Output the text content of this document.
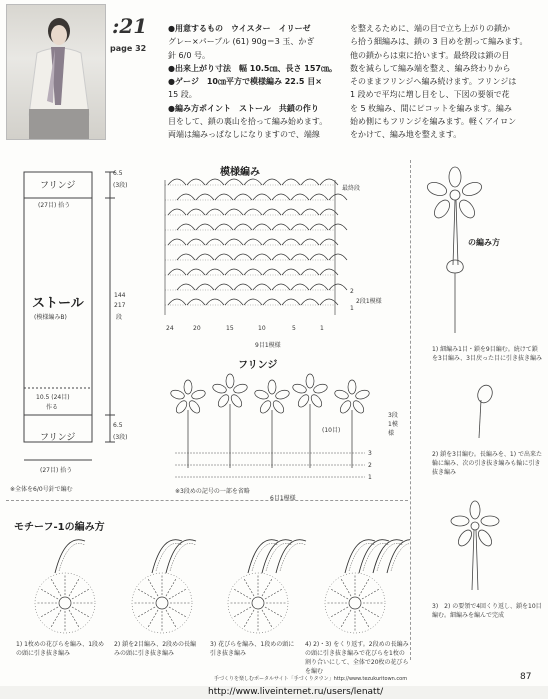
:21
page 32

●用意するもの　ウイスター　イリーゼ

グレー×パープル (61) 90g＝3 玉、かぎ

針 6/0 号。

●出来上がり寸法　幅 10.5㎝、長さ 157㎝。

●ゲージ　10㎝平方で模様編み 22.5 目×

15 段。

●編み方ポイント　ストール　共鎖の作り

目をして、鎖の裏山を拾って編み始めます。

両端は編みっぱなしになりますので、端線

を整えるために、端の目で立ち上がりの鎖か

ら拾う細編みは、鎖の 3 目めを割って編みます。

他の鎖からは束に拾います。最終段は鎖の目

数を減らして編み端を整え、編み終わりから

そのままフリンジへ編み続けます。フリンジは

1 段めで平均に増し目をし、下図の要領で花

を 5 枚編み、間にピコットを編みます。編み

始め側にもフリンジを編みます。軽くアイロン

をかけて、編み地を整えます。

6.5
(3段)
フリンジ
(27目) 拾う
ストール
(模様編みB)
144
217
段
10.5 (24目)
作る
フリンジ
6.5
(3段)
(27目) 拾う
※全体を6/0号針で編む
模様編み
最終段
2
1
2段1模様
24	20	15	10	5	1
9目1模様
フリンジ
3段1模様
3
2
1
(10目)
※3段めの記号の一部を省略
6目1模様
の編み方
1) 細編み1目・鎖を9目編む。続けて鎖を3目編み、3目戻った目に引き抜き編み
2) 鎖を3目編む。長編みを、1) で出来た輪に編み、次の引き抜き編みも輪に引き抜き編み
3)　2) の要領で4回くり返し、鎖を10目編む。細編みを編んで完成
モチーフ-1の編み方
1) 1枚めの花びらを編み、1段めの頭に引き抜き編み
2) 鎖を2目編み、2段めの長編みの頭に引き抜き編み
3) 花びらを編み、1段めの頭に引き抜き編み
4) 2)・3) をくり返す。2段めの長編みの頭に引き抜き編みで花びらを1枚の割り合いにして、全体で20枚の花びらを編む
手づくりを楽しむポータルサイト「手づくりタウン」http://www.tezukuritown.com	87
http://www.liveinternet.ru/users/lenatt/
